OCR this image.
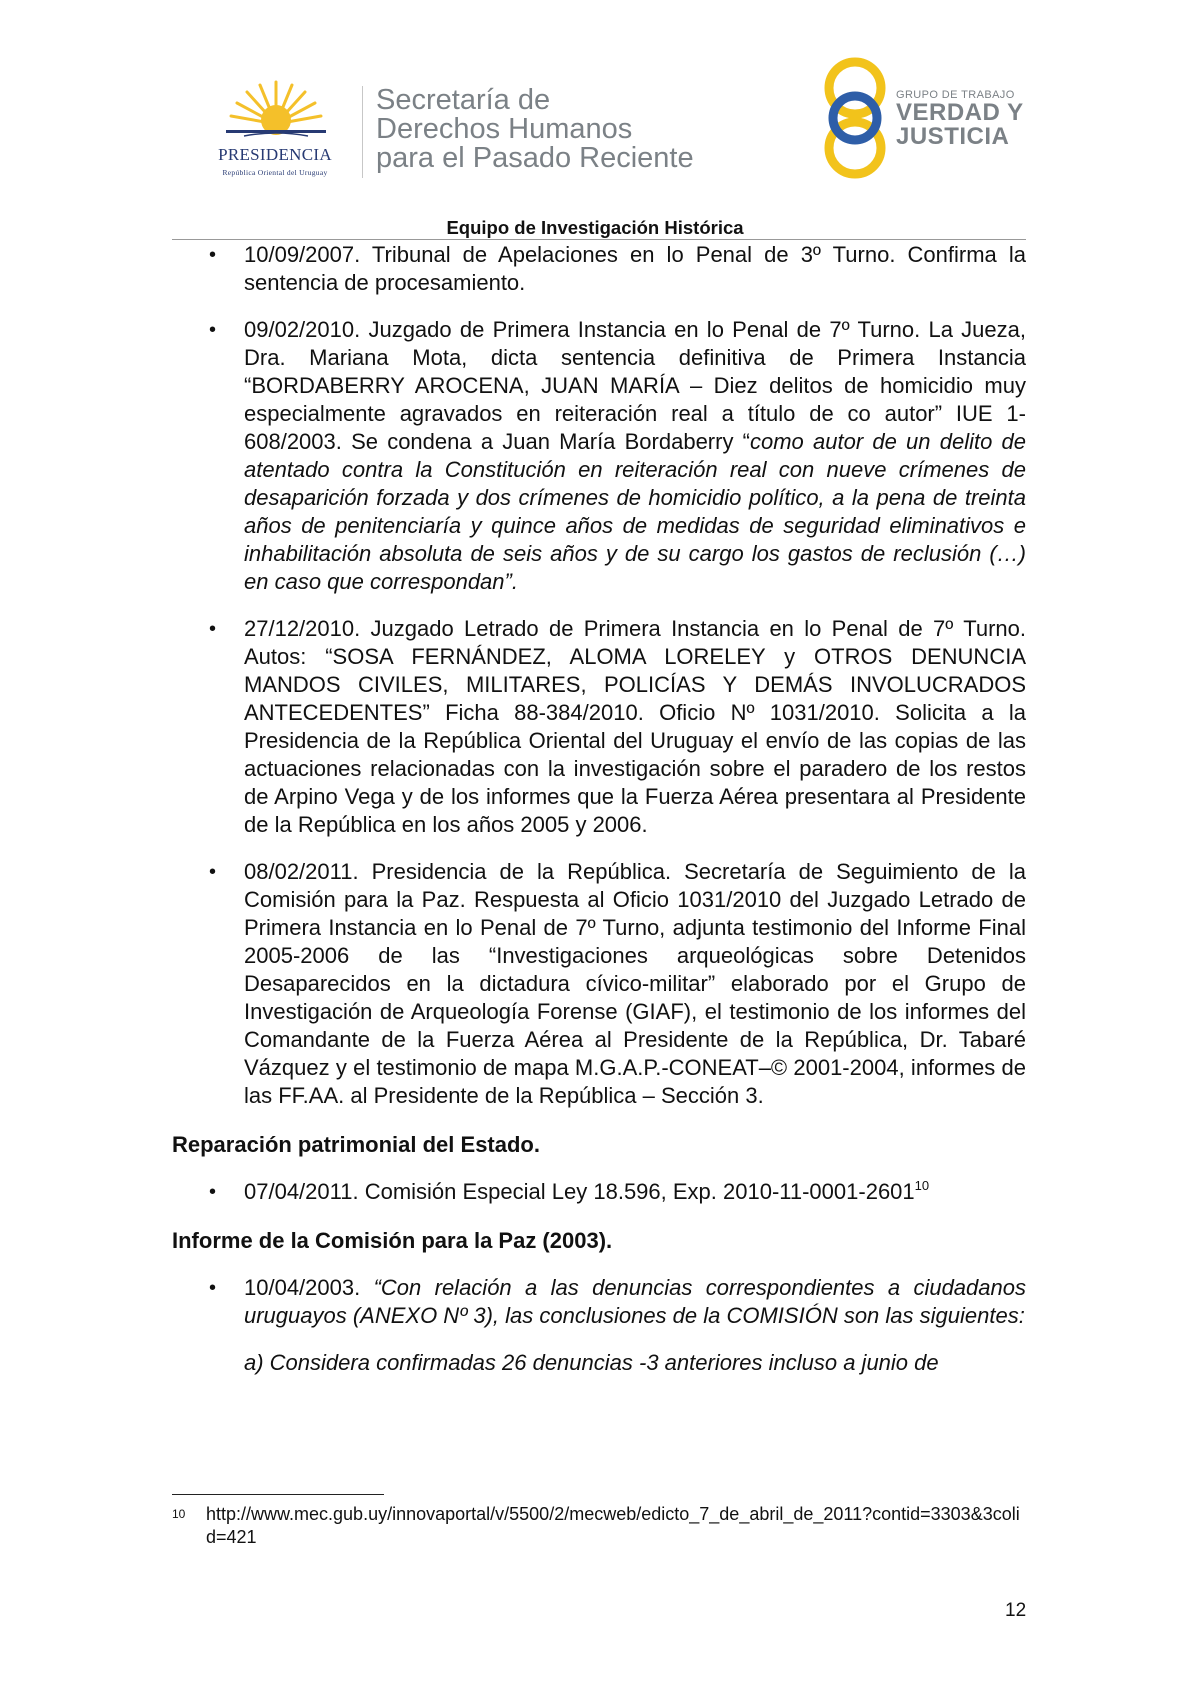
PRESIDENCIA
República Oriental del Uruguay
Secretaría de
Derechos Humanos
para el Pasado Reciente
GRUPO DE TRABAJO
VERDAD Y
JUSTICIA
Equipo de Investigación Histórica
• 10/09/2007. Tribunal de Apelaciones en lo Penal de 3º Turno. Confirma la sentencia de procesamiento.
• 09/02/2010. Juzgado de Primera Instancia en lo Penal de 7º Turno. La Jueza, Dra. Mariana Mota, dicta sentencia definitiva de Primera Instancia “BORDABERRY AROCENA, JUAN MARÍA – Diez delitos de homicidio muy especialmente agravados en reiteración real a título de co autor” IUE 1-608/2003. Se condena a Juan María Bordaberry “como autor de un delito de atentado contra la Constitución en reiteración real con nueve crímenes de desaparición forzada y dos crímenes de homicidio político, a la pena de treinta años de penitenciaría y quince años de medidas de seguridad eliminativos e inhabilitación absoluta de seis años y de su cargo los gastos de reclusión (…) en caso que correspondan”.
• 27/12/2010. Juzgado Letrado de Primera Instancia en lo Penal de 7º Turno. Autos: “SOSA FERNÁNDEZ, ALOMA LORELEY y OTROS DENUNCIA MANDOS CIVILES, MILITARES, POLICÍAS Y DEMÁS INVOLUCRADOS ANTECEDENTES” Ficha 88-384/2010. Oficio Nº 1031/2010. Solicita a la Presidencia de la República Oriental del Uruguay el envío de las copias de las actuaciones relacionadas con la investigación sobre el paradero de los restos de Arpino Vega y de los informes que la Fuerza Aérea presentara al Presidente de la República en los años 2005 y 2006.
• 08/02/2011. Presidencia de la República. Secretaría de Seguimiento de la Comisión para la Paz. Respuesta al Oficio 1031/2010 del Juzgado Letrado de Primera Instancia en lo Penal de 7º Turno, adjunta testimonio del Informe Final 2005-2006 de las “Investigaciones arqueológicas sobre Detenidos Desaparecidos en la dictadura cívico-militar” elaborado por el Grupo de Investigación de Arqueología Forense (GIAF), el testimonio de los informes del Comandante de la Fuerza Aérea al Presidente de la República, Dr. Tabaré Vázquez y el testimonio de mapa M.G.A.P.-CONEAT–© 2001-2004, informes de las FF.AA. al Presidente de la República – Sección 3.
Reparación patrimonial del Estado.
• 07/04/2011. Comisión Especial Ley 18.596, Exp. 2010-11-0001-2601$^{10}$
Informe de la Comisión para la Paz (2003).
• 10/04/2003. “Con relación a las denuncias correspondientes a ciudadanos uruguayos (ANEXO Nº 3), las conclusiones de la COMISIÓN son las siguientes:
a) Considera confirmadas 26 denuncias -3 anteriores incluso a junio de
10	http://www.mec.gub.uy/innovaportal/v/5500/2/mecweb/edicto_7_de_abril_de_2011?contid=3303&3colid=421
12
